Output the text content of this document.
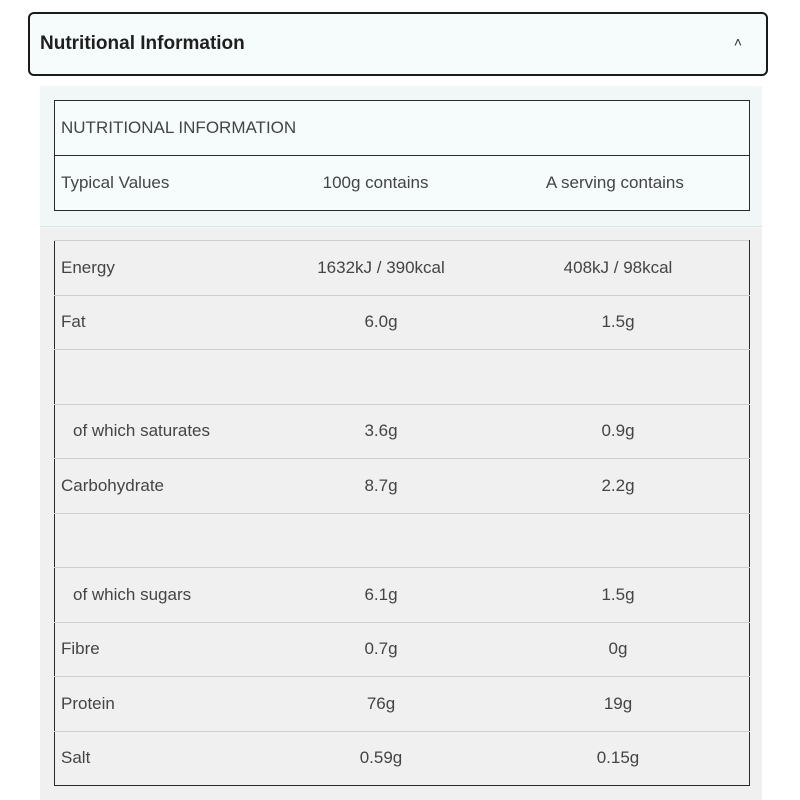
Nutritional Information	˄
NUTRITIONAL INFORMATION
Typical Values	100g contains	A serving contains
Energy	1632kJ / 390kcal	408kJ / 98kcal
Fat	6.0g	1.5g

of which saturates	3.6g	0.9g
Carbohydrate	8.7g	2.2g

of which sugars	6.1g	1.5g
Fibre	0.7g	0g
Protein	76g	19g
Salt	0.59g	0.15g
